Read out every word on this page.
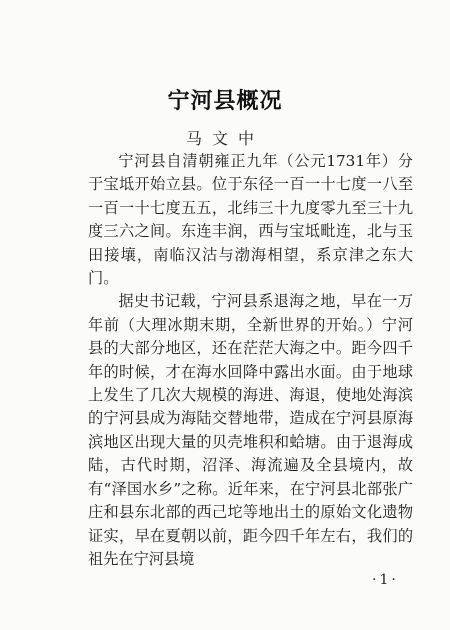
宁河县概况
马文中

宁河县自清朝雍正九年（公元1731年）分于宝坻开始立县。位于东径一百一十七度一八至一百一十七度五五，北纬三十九度零九至三十九度三六之间。东连丰润，西与宝坻毗连，北与玉田接壤，南临汉沽与渤海相望，系京津之东大门。

据史书记载，宁河县系退海之地，早在一万年前（大理冰期末期，全新世界的开始。）宁河县的大部分地区，还在茫茫大海之中。距今四千年的时候，才在海水回降中露出水面。由于地球上发生了几次大规模的海进、海退，使地处海滨的宁河县成为海陆交替地带，造成在宁河县原海滨地区出现大量的贝壳堆积和蛤塘。由于退海成陆，古代时期，沼泽、海流遍及全县境内，故有“泽国水乡”之称。近年来，在宁河县北部张广庄和县东北部的西己坨等地出土的原始文化遗物证实，早在夏朝以前，距今四千年左右，我们的祖先在宁河县境

·1·
